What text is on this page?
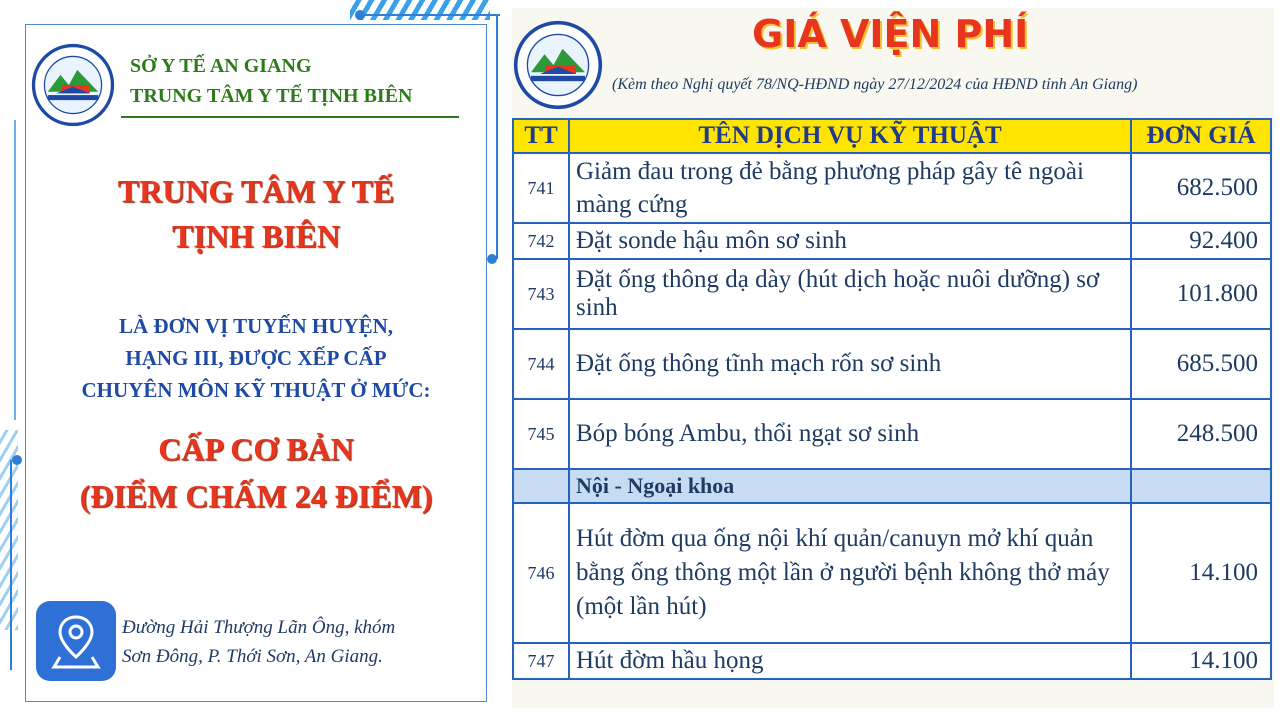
SỞ Y TẾ AN GIANG
TRUNG TÂM Y TẾ TỊNH BIÊN
TRUNG TÂM Y TẾ
TỊNH BIÊN
LÀ ĐƠN VỊ TUYẾN HUYỆN,
HẠNG III, ĐƯỢC XẾP CẤP
CHUYÊN MÔN KỸ THUẬT Ở MỨC:
CẤP CƠ BẢN
(ĐIỂM CHẤM 24 ĐIỂM)
Đường Hải Thượng Lãn Ông, khóm
Sơn Đông, P. Thới Sơn, An Giang.
GIÁ VIỆN PHÍ
(Kèm theo Nghị quyết 78/NQ-HĐND ngày 27/12/2024 của HĐND tỉnh An Giang)
TT	TÊN DỊCH VỤ KỸ THUẬT	ĐƠN GIÁ
741	Giảm đau trong đẻ bằng phương pháp gây tê ngoài màng cứng	682.500
742	Đặt sonde hậu môn sơ sinh	92.400
743	Đặt ống thông dạ dày (hút dịch hoặc nuôi dưỡng) sơ sinh	101.800
744	Đặt ống thông tĩnh mạch rốn sơ sinh	685.500
745	Bóp bóng Ambu, thổi ngạt sơ sinh	248.500
	Nội - Ngoại khoa	
746	Hút đờm qua ống nội khí quản/canuyn mở khí quản bằng ống thông một lần ở người bệnh không thở máy (một lần hút)	14.100
747	Hút đờm hầu họng	14.100
